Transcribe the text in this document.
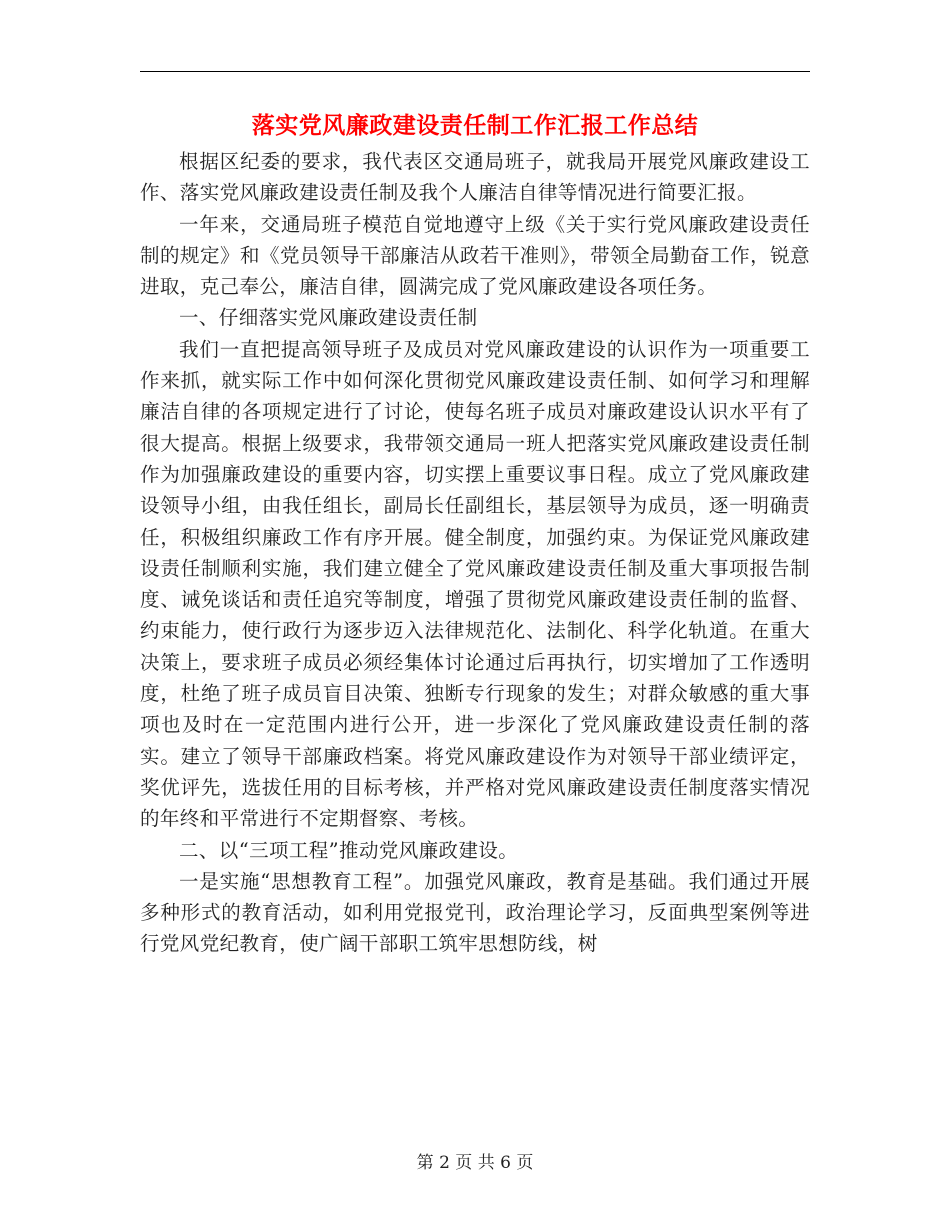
落实党风廉政建设责任制工作汇报工作总结

根据区纪委的要求，我代表区交通局班子，就我局开展党风廉政建设工作、落实党风廉政建设责任制及我个人廉洁自律等情况进行简要汇报。

一年来，交通局班子模范自觉地遵守上级《关于实行党风廉政建设责任制的规定》和《党员领导干部廉洁从政若干准则》，带领全局勤奋工作，锐意进取，克己奉公，廉洁自律，圆满完成了党风廉政建设各项任务。

一、仔细落实党风廉政建设责任制

我们一直把提高领导班子及成员对党风廉政建设的认识作为一项重要工作来抓，就实际工作中如何深化贯彻党风廉政建设责任制、如何学习和理解廉洁自律的各项规定进行了讨论，使每名班子成员对廉政建设认识水平有了很大提高。根据上级要求，我带领交通局一班人把落实党风廉政建设责任制作为加强廉政建设的重要内容，切实摆上重要议事日程。成立了党风廉政建设领导小组，由我任组长，副局长任副组长，基层领导为成员，逐一明确责任，积极组织廉政工作有序开展。健全制度，加强约束。为保证党风廉政建设责任制顺利实施，我们建立健全了党风廉政建设责任制及重大事项报告制度、诫免谈话和责任追究等制度，增强了贯彻党风廉政建设责任制的监督、约束能力，使行政行为逐步迈入法律规范化、法制化、科学化轨道。在重大决策上，要求班子成员必须经集体讨论通过后再执行，切实增加了工作透明度，杜绝了班子成员盲目决策、独断专行现象的发生；对群众敏感的重大事项也及时在一定范围内进行公开，进一步深化了党风廉政建设责任制的落实。建立了领导干部廉政档案。将党风廉政建设作为对领导干部业绩评定，奖优评先，选拔任用的目标考核，并严格对党风廉政建设责任制度落实情况的年终和平常进行不定期督察、考核。

二、以“三项工程”推动党风廉政建设。

一是实施“思想教育工程”。加强党风廉政，教育是基础。我们通过开展多种形式的教育活动，如利用党报党刊，政治理论学习，反面典型案例等进行党风党纪教育，使广阔干部职工筑牢思想防线，树

第 2 页 共 6 页
